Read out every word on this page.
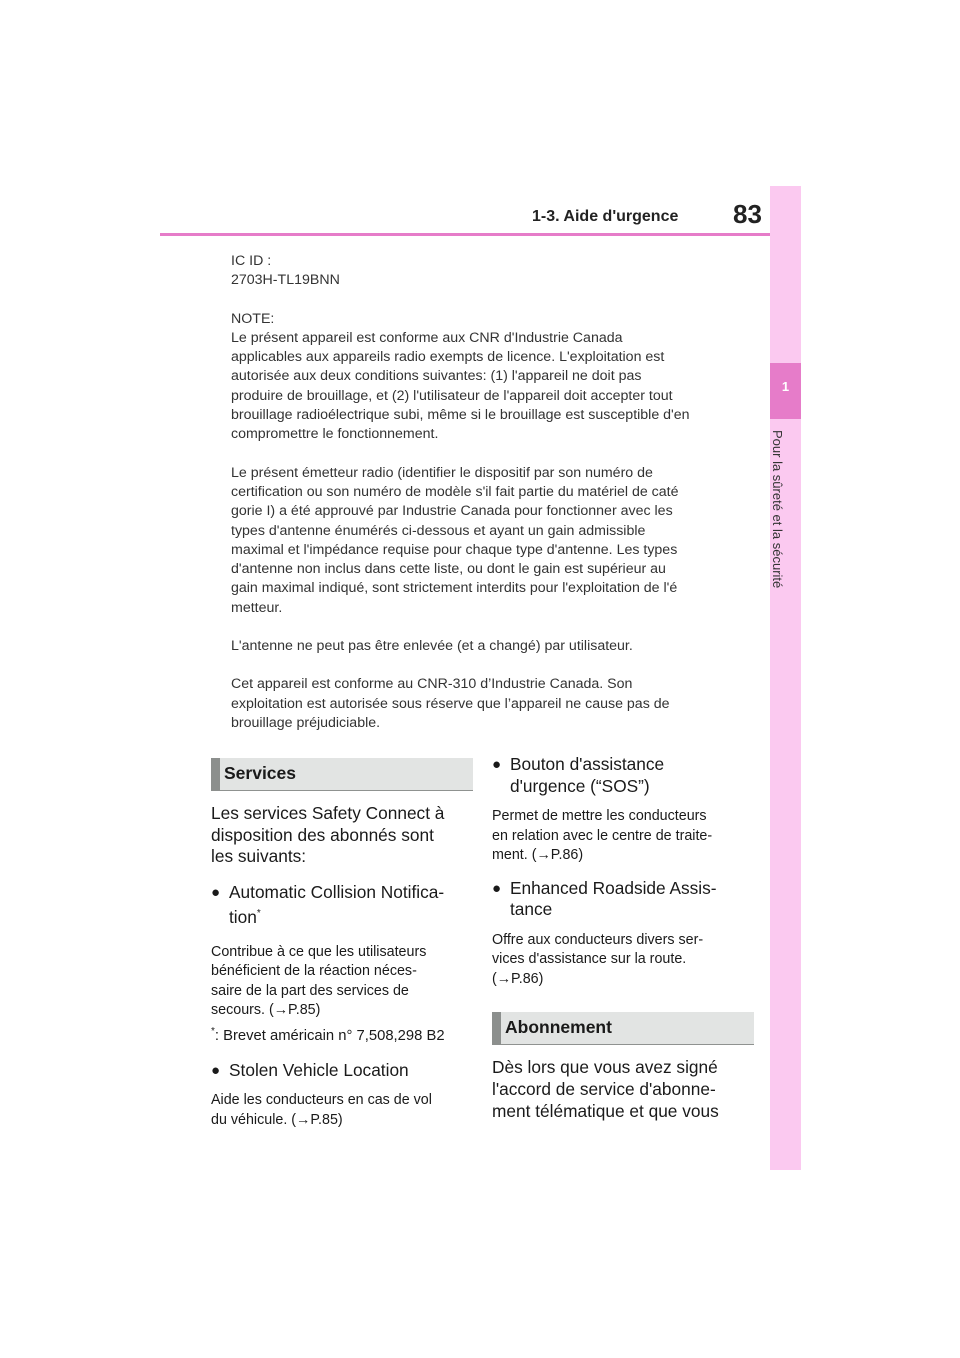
1-3. Aide d'urgence 83
1
Pour la sûreté et la sécurité
IC ID :
2703H-TL19BNN
NOTE:
Le présent appareil est conforme aux CNR d'Industrie Canada
applicables aux appareils radio exempts de licence. L'exploitation est
autorisée aux deux conditions suivantes: (1) l'appareil ne doit pas
produire de brouillage, et (2) l'utilisateur de l'appareil doit accepter tout
brouillage radioélectrique subi, même si le brouillage est susceptible d'en
compromettre le fonctionnement.
Le présent émetteur radio (identifier le dispositif par son numéro de
certification ou son numéro de modèle s'il fait partie du matériel de caté
gorie I) a été approuvé par Industrie Canada pour fonctionner avec les
types d'antenne énumérés ci-dessous et ayant un gain admissible
maximal et l'impédance requise pour chaque type d'antenne. Les types
d'antenne non inclus dans cette liste, ou dont le gain est supérieur au
gain maximal indiqué, sont strictement interdits pour l'exploitation de l'é
metteur.
L'antenne ne peut pas être enlevée (et a changé) par utilisateur.
Cet appareil est conforme au CNR-310 d’Industrie Canada. Son
exploitation est autorisée sous réserve que l’appareil ne cause pas de
brouillage préjudiciable.
Services
Les services Safety Connect à
disposition des abonnés sont
les suivants:
● Automatic Collision Notifica-
tion*
Contribue à ce que les utilisateurs
bénéficient de la réaction néces-
saire de la part des services de
secours. (→P.85)
*: Brevet américain n° 7,508,298 B2
● Stolen Vehicle Location
Aide les conducteurs en cas de vol
du véhicule. (→P.85)
● Bouton d'assistance
d'urgence (“SOS”)
Permet de mettre les conducteurs
en relation avec le centre de traite-
ment. (→P.86)
● Enhanced Roadside Assis-
tance
Offre aux conducteurs divers ser-
vices d'assistance sur la route.
(→P.86)
Abonnement
Dès lors que vous avez signé
l'accord de service d'abonne-
ment télématique et que vous
